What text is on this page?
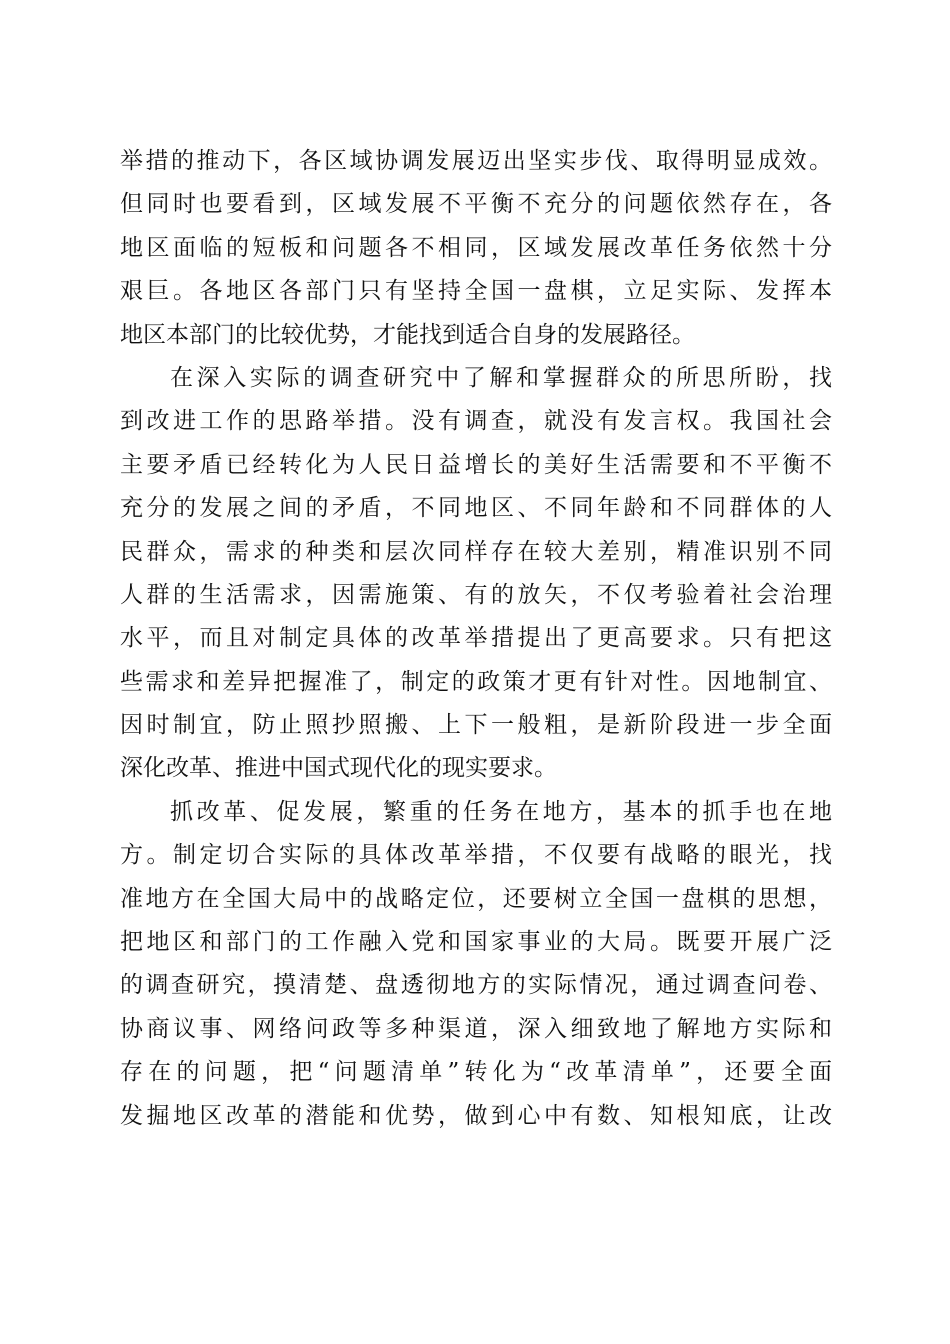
举措的推动下，各区域协调发展迈出坚实步伐、取得明显成效。
但同时也要看到，区域发展不平衡不充分的问题依然存在，各
地区面临的短板和问题各不相同，区域发展改革任务依然十分
艰巨。各地区各部门只有坚持全国一盘棋，立足实际、发挥本
地区本部门的比较优势，才能找到适合自身的发展路径。
在深入实际的调查研究中了解和掌握群众的所思所盼，找
到改进工作的思路举措。没有调查，就没有发言权。我国社会
主要矛盾已经转化为人民日益增长的美好生活需要和不平衡不
充分的发展之间的矛盾，不同地区、不同年龄和不同群体的人
民群众，需求的种类和层次同样存在较大差别，精准识别不同
人群的生活需求，因需施策、有的放矢，不仅考验着社会治理
水平，而且对制定具体的改革举措提出了更高要求。只有把这
些需求和差异把握准了，制定的政策才更有针对性。因地制宜、
因时制宜，防止照抄照搬、上下一般粗，是新阶段进一步全面
深化改革、推进中国式现代化的现实要求。
抓改革、促发展，繁重的任务在地方，基本的抓手也在地
方。制定切合实际的具体改革举措，不仅要有战略的眼光，找
准地方在全国大局中的战略定位，还要树立全国一盘棋的思想，
把地区和部门的工作融入党和国家事业的大局。既要开展广泛
的调查研究，摸清楚、盘透彻地方的实际情况，通过调查问卷、
协商议事、网络问政等多种渠道，深入细致地了解地方实际和
存在的问题，把“问题清单”转化为“改革清单”，还要全面
发掘地区改革的潜能和优势，做到心中有数、知根知底，让改
